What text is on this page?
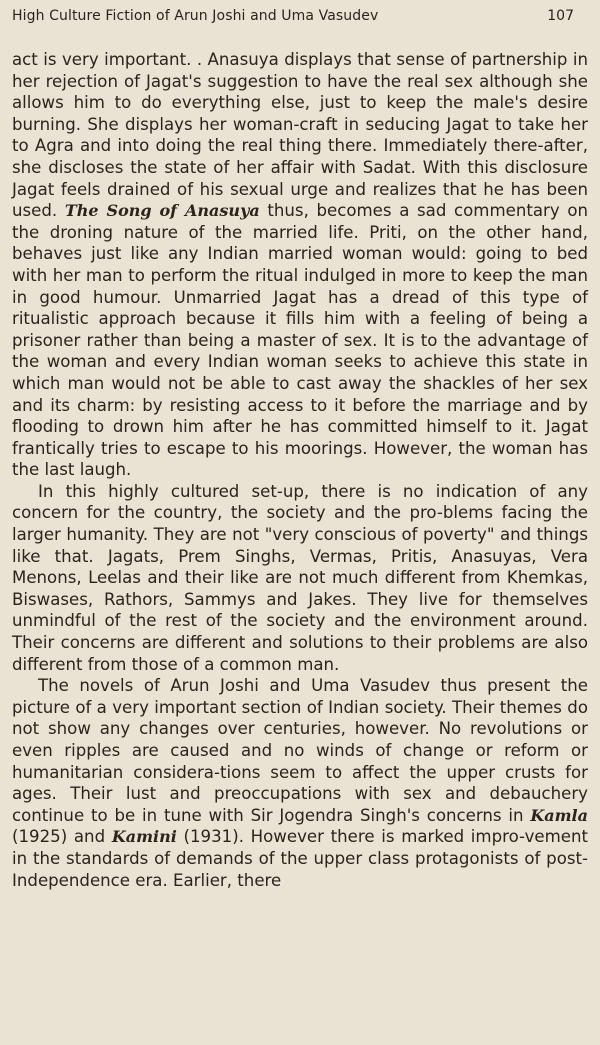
High Culture Fiction of Arun Joshi and Uma Vasudev	107

act is very important. . Anasuya displays that sense of partnership in her rejection of Jagat's suggestion to have the real sex although she allows him to do everything else, just to keep the male's desire burning. She displays her woman-craft in seducing Jagat to take her to Agra and into doing the real thing there. Immediately there-after, she discloses the state of her affair with Sadat. With this disclosure Jagat feels drained of his sexual urge and realizes that he has been used. The Song of Anasuya thus, becomes a sad commentary on the droning nature of the married life. Priti, on the other hand, behaves just like any Indian married woman would: going to bed with her man to perform the ritual indulged in more to keep the man in good humour. Unmarried Jagat has a dread of this type of ritualistic approach because it fills him with a feeling of being a prisoner rather than being a master of sex. It is to the advantage of the woman and every Indian woman seeks to achieve this state in which man would not be able to cast away the shackles of her sex and its charm: by resisting access to it before the marriage and by flooding to drown him after he has committed himself to it. Jagat frantically tries to escape to his moorings. However, the woman has the last laugh.

In this highly cultured set-up, there is no indication of any concern for the country, the society and the pro-blems facing the larger humanity. They are not "very conscious of poverty" and things like that. Jagats, Prem Singhs, Vermas, Pritis, Anasuyas, Vera Menons, Leelas and their like are not much different from Khemkas, Biswases, Rathors, Sammys and Jakes. They live for themselves unmindful of the rest of the society and the environment around. Their concerns are different and solutions to their problems are also different from those of a common man.

The novels of Arun Joshi and Uma Vasudev thus present the picture of a very important section of Indian society. Their themes do not show any changes over centuries, however. No revolutions or even ripples are caused and no winds of change or reform or humanitarian considera-tions seem to affect the upper crusts for ages. Their lust and preoccupations with sex and debauchery continue to be in tune with Sir Jogendra Singh's concerns in Kamla (1925) and Kamini (1931). However there is marked impro-vement in the standards of demands of the upper class protagonists of post-Independence era. Earlier, there
